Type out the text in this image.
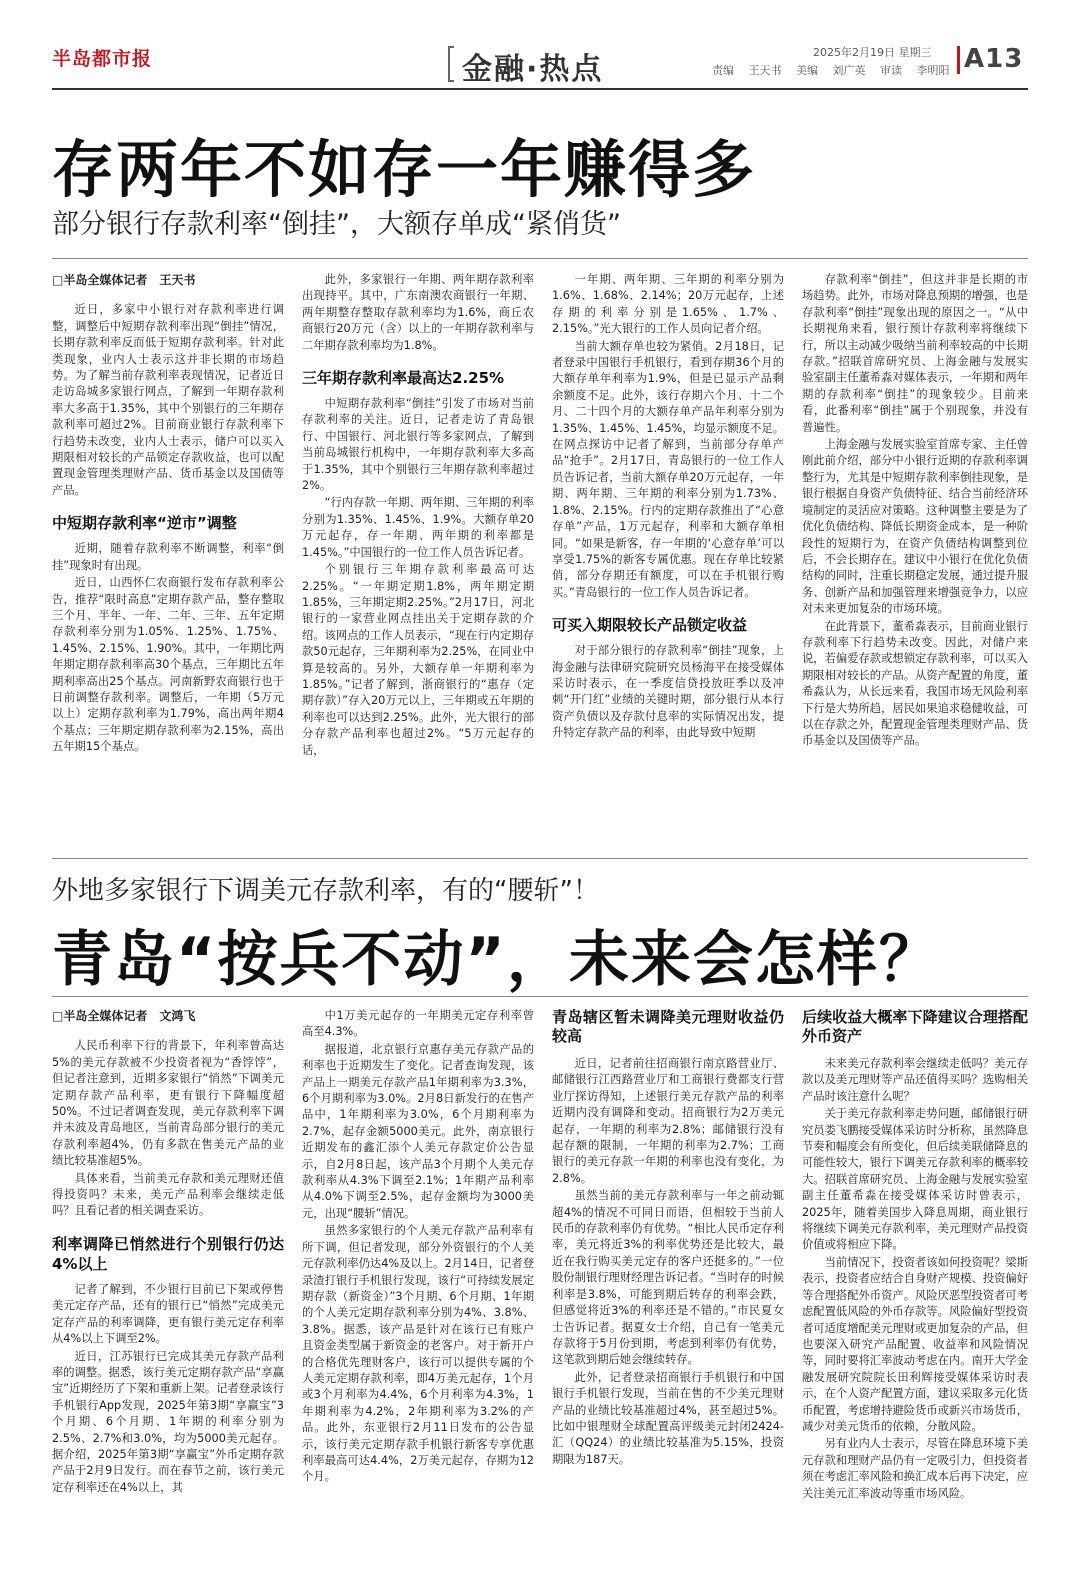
半岛都市报	金融·热点	2025年2月19日 星期三
责编 王天书 美编 刘广英 审读 李明阳 A13
存两年不如存一年赚得多
部分银行存款利率“倒挂”，大额存单成“紧俏货”
□半岛全媒体记者　王天书

近日，多家中小银行对存款利率进行调整，调整后中短期存款利率出现“倒挂”情况，长期存款利率反而低于短期存款利率。针对此类现象，业内人士表示这并非长期的市场趋势。为了解当前存款利率表现情况，记者近日走访岛城多家银行网点，了解到一年期存款利率大多高于1.35%，其中个别银行的三年期存款利率可超过2%。目前商业银行存款利率下行趋势未改变，业内人士表示，储户可以买入期限相对较长的产品锁定存款收益，也可以配置现金管理类理财产品、货币基金以及国债等产品。

中短期存款利率“逆市”调整

近期，随着存款利率不断调整，利率“倒挂”现象时有出现。

近日，山西怀仁农商银行发布存款利率公告，推荐“限时高息”定期存款产品，整存整取三个月、半年、一年、二年、三年、五年定期存款利率分别为1.05%、1.25%、1.75%、1.45%、2.15%、1.90%。其中，一年期比两年期定期存款利率高30个基点，三年期比五年期利率高出25个基点。河南新野农商银行也于日前调整存款利率。调整后，一年期（5万元以上）定期存款利率为1.79%，高出两年期4个基点；三年期定期存款利率为2.15%，高出五年期15个基点。

此外，多家银行一年期、两年期存款利率出现持平。其中，广东南澳农商银行一年期、两年期整存整取存款利率均为1.6%，商丘农商银行20万元（含）以上的一年期存款利率与二年期存款利率均为1.8%。

三年期存款利率最高达2.25%

中短期存款利率“倒挂”引发了市场对当前存款利率的关注。近日，记者走访了青岛银行、中国银行、河北银行等多家网点，了解到当前岛城银行机构中，一年期存款利率大多高于1.35%，其中个别银行三年期存款利率超过2%。

“行内存款一年期、两年期、三年期的利率分别为1.35%、1.45%、1.9%。大额存单20万元起存，存一年期、两年期的利率都是1.45%。”中国银行的一位工作人员告诉记者。

个别银行三年期存款利率最高可达2.25%。“一年期定期1.8%，两年期定期1.85%，三年期定期2.25%。”2月17日，河北银行的一家营业网点挂出关于定期存款的介绍。该网点的工作人员表示，“现在行内定期存款50元起存，三年期利率为2.25%，在同业中算是较高的。另外，大额存单一年期利率为1.85%。”记者了解到，浙商银行的“惠存（定期存款）”存入20万元以上，三年期或五年期的利率也可以达到2.25%。此外，光大银行的部分存款产品利率也超过2%。“5万元起存的话，

一年期、两年期、三年期的利率分别为1.6%、1.68%、2.14%；20万元起存，上述存期的利率分别是1.65%、1.7%、2.15%。”光大银行的工作人员向记者介绍。

当前大额存单也较为紧俏。2月18日，记者登录中国银行手机银行，看到存期36个月的大额存单年利率为1.9%，但是已显示产品剩余额度不足。此外，该行存期六个月、十二个月、二十四个月的大额存单产品年利率分别为1.35%、1.45%、1.45%，均显示额度不足。在网点探访中记者了解到，当前部分存单产品“抢手”。2月17日，青岛银行的一位工作人员告诉记者，当前大额存单20万元起存，一年期、两年期、三年期的利率分别为1.73%、1.8%、2.15%。行内的定期存款推出了“心意存单”产品，1万元起存，利率和大额存单相同。“如果是新客，存一年期的‘心意存单’可以享受1.75%的新客专属优惠。现在存单比较紧俏，部分存期还有额度，可以在手机银行购买。”青岛银行的一位工作人员告诉记者。

可买入期限较长产品锁定收益

对于部分银行的存款利率“倒挂”现象，上海金融与法律研究院研究员杨海平在接受媒体采访时表示，在一季度信贷投放旺季以及冲刺“开门红”业绩的关键时期，部分银行从本行资产负债以及存款付息率的实际情况出发，提升特定存款产品的利率，由此导致中短期

存款利率“倒挂”，但这并非是长期的市场趋势。此外，市场对降息预期的增强，也是存款利率“倒挂”现象出现的原因之一。“从中长期视角来看，银行预计存款利率将继续下行，所以主动减少吸纳当前利率较高的中长期存款。”招联首席研究员、上海金融与发展实验室副主任董希淼对媒体表示，一年期和两年期的存款利率“倒挂”的现象较少。目前来看，此番利率“倒挂”属于个别现象，并没有普遍性。

上海金融与发展实验室首席专家、主任曾刚此前介绍，部分中小银行近期的存款利率调整行为，尤其是中短期存款利率倒挂现象，是银行根据自身资产负债特征、结合当前经济环境制定的灵活应对策略。这种调整主要是为了优化负债结构、降低长期资金成本，是一种阶段性的短期行为，在资产负债结构调整到位后，不会长期存在。建议中小银行在优化负债结构的同时，注重长期稳定发展，通过提升服务、创新产品和加强管理来增强竞争力，以应对未来更加复杂的市场环境。

在此背景下，董希淼表示，目前商业银行存款利率下行趋势未改变。因此，对储户来说，若偏爱存款或想锁定存款利率，可以买入期限相对较长的产品。从资产配置的角度，董希淼认为，从长远来看，我国市场无风险利率下行是大势所趋，居民如果追求稳健收益，可以在存款之外，配置现金管理类理财产品、货币基金以及国债等产品。

外地多家银行下调美元存款利率，有的“腰斩”！
青岛“按兵不动”，未来会怎样？
□半岛全媒体记者　文鸿飞

人民币利率下行的背景下，年利率曾高达5%的美元存款被不少投资者视为“香饽饽”，但记者注意到，近期多家银行“悄然”下调美元定期存款产品利率，更有银行下降幅度超50%。不过记者调查发现，美元存款利率下调并未波及青岛地区，当前青岛部分银行的美元存款利率超4%，仍有多款在售美元产品的业绩比较基准超5%。

具体来看，当前美元存款和美元理财还值得投资吗？未来，美元产品利率会继续走低吗？且看记者的相关调查采访。

利率调降已悄然进行个别银行仍达4%以上

记者了解到，不少银行目前已下架或停售美元定存产品，还有的银行已“悄然”完成美元定存产品的利率调降，更有银行美元定存利率从4%以上下调至2%。

近日，江苏银行已完成其美元存款产品利率的调整。据悉，该行美元定期存款产品“享赢宝”近期经历了下架和重新上架。记者登录该行手机银行App发现，2025年第3期“享赢宝”3个月期、6个月期、1年期的利率分别为2.5%、2.7%和3.0%，均为5000美元起存。据介绍，2025年第3期“享赢宝”外币定期存款产品于2月9日发行。而在春节之前，该行美元定存利率还在4%以上，其

中1万美元起存的一年期美元定存利率曾高至4.3%。

据报道，北京银行京惠存美元存款产品的利率也于近期发生了变化。记者查询发现，该产品上一期美元存款产品1年期利率为3.3%，6个月期利率为3.0%。2月8日新发行的在售产品中，1年期利率为3.0%，6个月期利率为2.7%，起存金额5000美元。此外，南京银行近期发布的鑫汇添个人美元存款定价公告显示，自2月8日起，该产品3个月期个人美元存款利率从4.3%下调至2.1%；1年期产品利率从4.0%下调至2.5%，起存金额均为3000美元，出现“腰斩”情况。

虽然多家银行的个人美元存款产品利率有所下调，但记者发现，部分外资银行的个人美元存款利率仍达4%及以上。2月14日，记者登录渣打银行手机银行发现，该行“可持续发展定期存款（新资金）”3个月期、6个月期、1年期的个人美元定期存款利率分别为4%、3.8%、3.8%。据悉，该产品是针对在该行已有账户且资金类型属于新资金的老客户。对于新开户的合格优先理财客户，该行可以提供专属的个人美元定期存款利率，即4万美元起存，1个月或3个月利率为4.4%，6个月利率为4.3%，1年期利率为4.2%，2年期利率为3.2%的产品。此外，东亚银行2月11日发布的公告显示，该行美元定期存款手机银行新客专享优惠利率最高可达4.4%，2万美元起存，存期为12个月。

青岛辖区暂未调降美元理财收益仍较高

近日，记者前往招商银行南京路营业厅、邮储银行江西路营业厅和工商银行费都支行营业厅探访得知，上述银行美元存款产品的利率近期内没有调降和变动。招商银行为2万美元起存，一年期的利率为2.8%；邮储银行没有起存额的限制，一年期的利率为2.7%；工商银行的美元存款一年期的利率也没有变化，为2.8%。

虽然当前的美元存款利率与一年之前动辄超4%的情况不可同日而语，但相较于当前人民币的存款利率仍有优势。“相比人民币定存利率，美元将近3%的利率优势还是比较大，最近在我行购买美元定存的客户还挺多的。”一位股份制银行理财经理告诉记者。“当时存的时候利率是3.8%，可能到期后转存的利率会跌，但感觉将近3%的利率还是不错的。”市民夏女士告诉记者。据夏女士介绍，自己有一笔美元存款将于5月份到期，考虑到利率仍有优势，这笔款到期后她会继续转存。

此外，记者登录招商银行手机银行和中国银行手机银行发现，当前在售的不少美元理财产品的业绩比较基准超过4%，甚至超过5%。比如中银理财全球配置高评级美元封闭2424-汇（QQ24）的业绩比较基准为5.15%，投资期限为187天。

后续收益大概率下降建议合理搭配外币资产

未来美元存款利率会继续走低吗？美元存款以及美元理财等产品还值得买吗？选购相关产品时该注意什么呢？

关于美元存款利率走势问题，邮储银行研究员娄飞鹏接受媒体采访时分析称，虽然降息节奏和幅度会有所变化，但后续美联储降息的可能性较大，银行下调美元存款利率的概率较大。招联首席研究员、上海金融与发展实验室副主任董希淼在接受媒体采访时曾表示，2025年，随着美国步入降息周期，商业银行将继续下调美元存款利率，美元理财产品投资价值或将相应下降。

当前情况下，投资者该如何投资呢？梁斯表示，投资者应结合自身财产规模、投资偏好等合理搭配外币资产。风险厌恶型投资者可考虑配置低风险的外币存款等。风险偏好型投资者可适度增配美元理财或更加复杂的产品，但也要深入研究产品配置、收益率和风险情况等，同时要将汇率波动考虑在内。南开大学金融发展研究院院长田利辉接受媒体采访时表示，在个人资产配置方面，建议采取多元化货币配置，考虑增持避险货币或新兴市场货币，减少对美元货币的依赖，分散风险。

另有业内人士表示，尽管在降息环境下美元存款和理财产品仍有一定吸引力，但投资者须在考虑汇率风险和换汇成本后再下决定，应关注美元汇率波动等重市场风险。
